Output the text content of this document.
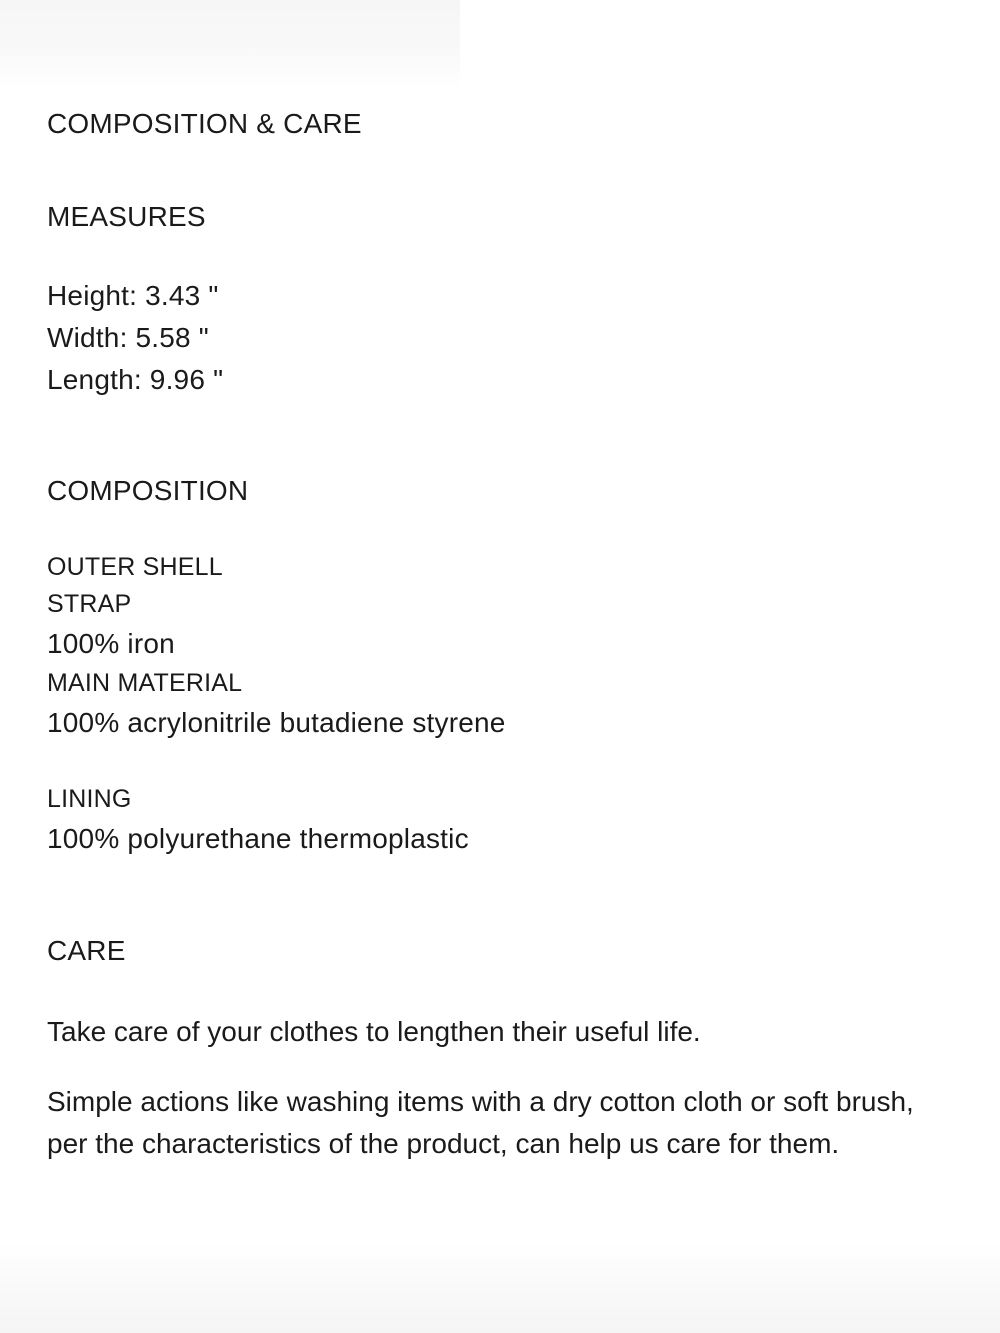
COMPOSITION & CARE
MEASURES
Height: 3.43 "
Width: 5.58 "
Length: 9.96 "
COMPOSITION
OUTER SHELL
STRAP
100% iron
MAIN MATERIAL
100% acrylonitrile butadiene styrene
LINING
100% polyurethane thermoplastic
CARE
Take care of your clothes to lengthen their useful life.
Simple actions like washing items with a dry cotton cloth or soft brush, per the characteristics of the product, can help us care for them.
